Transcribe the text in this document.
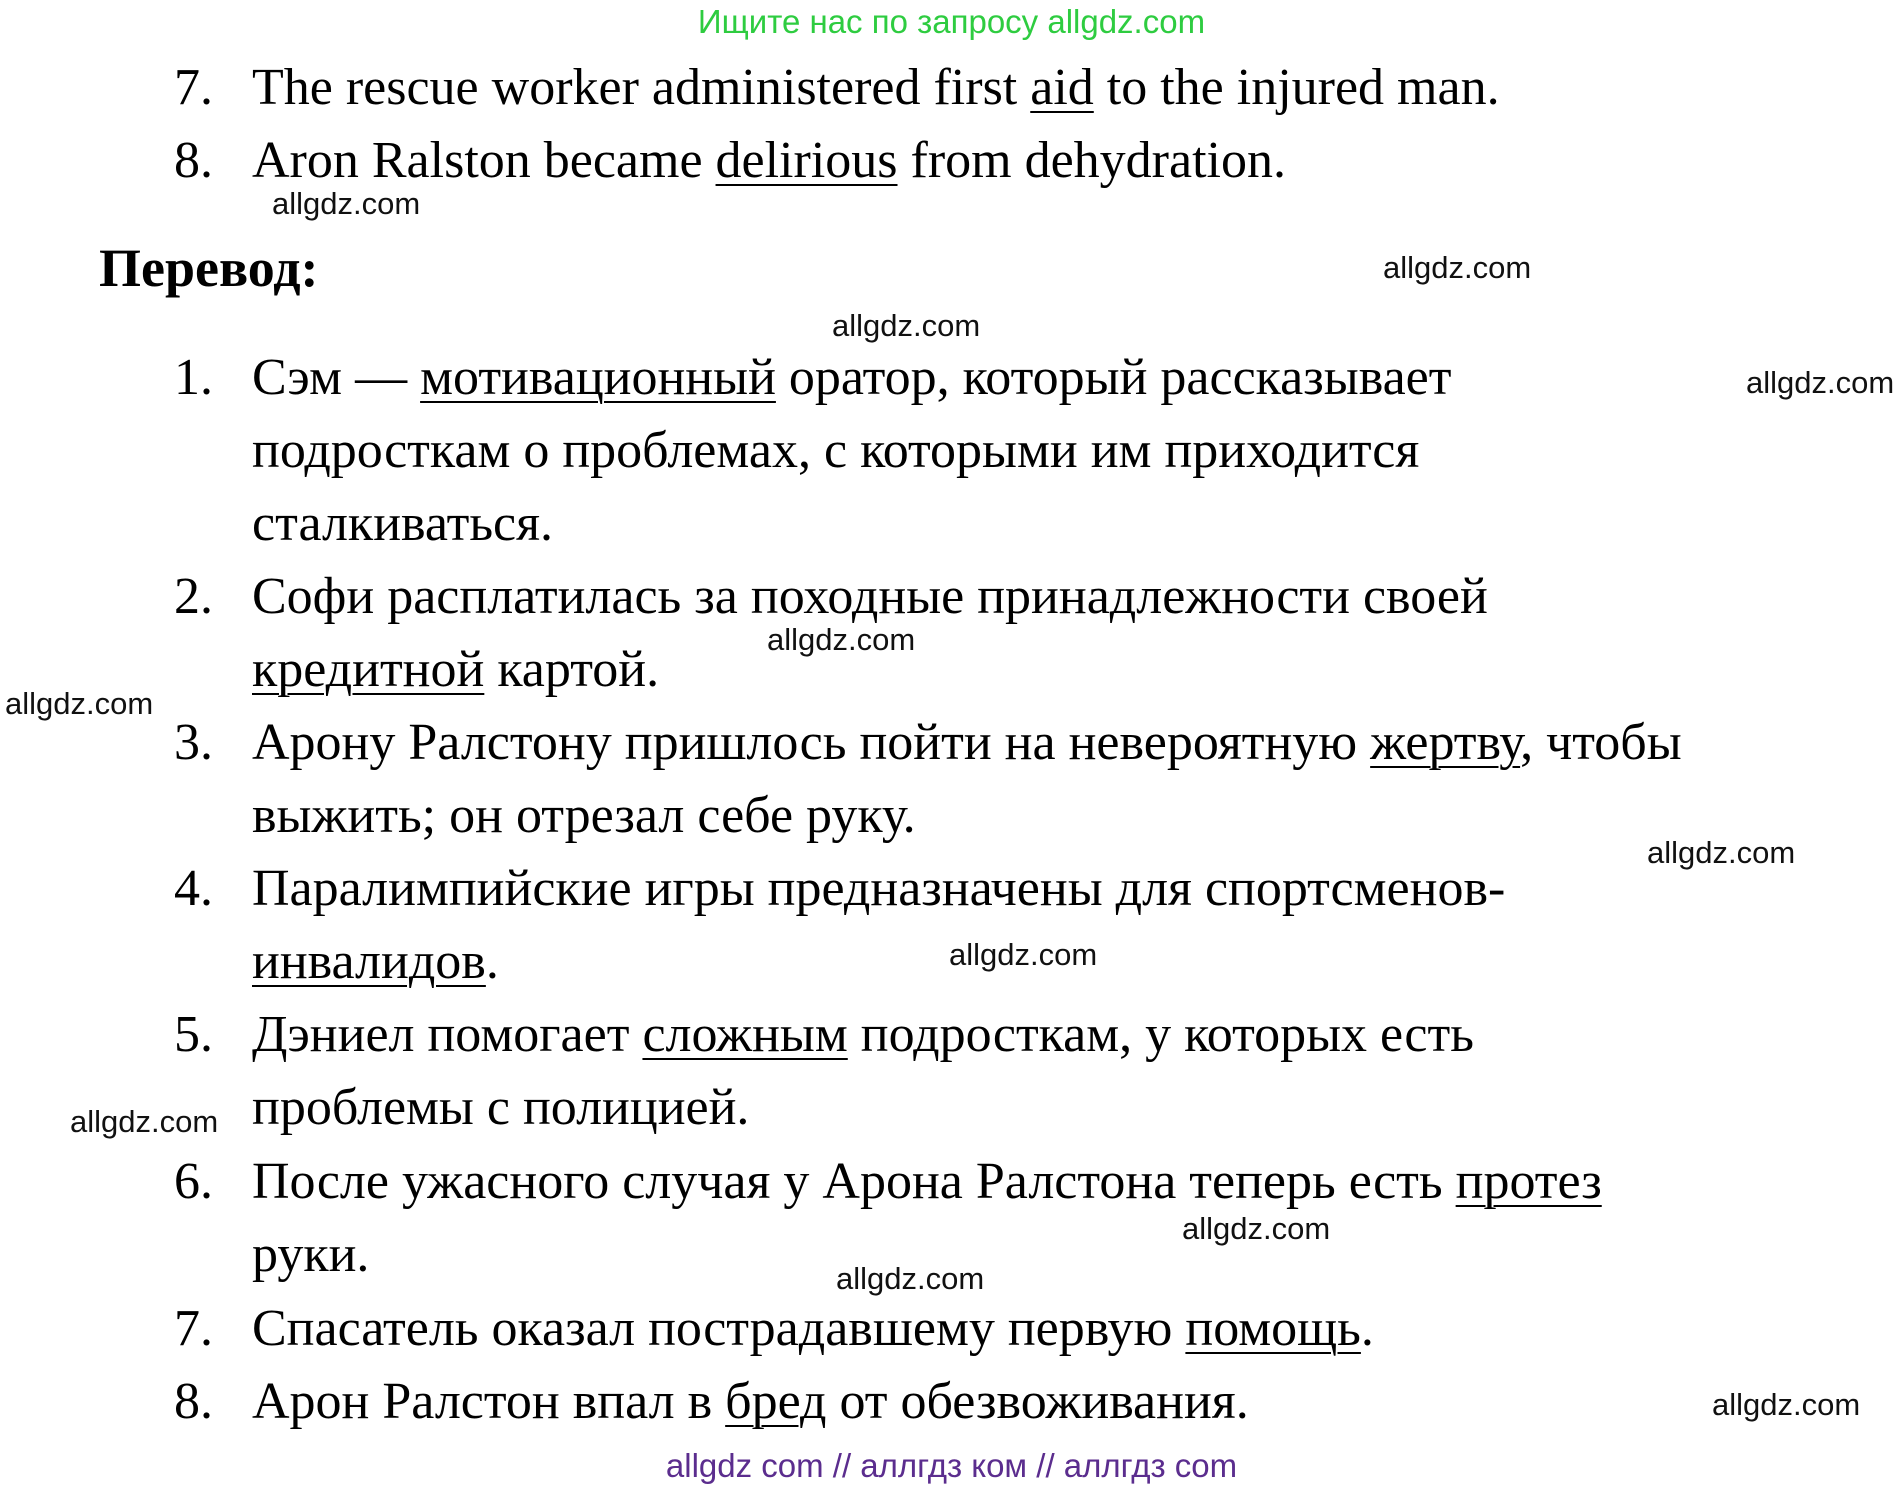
Ищите нас по запросу allgdz.com
7. The rescue worker administered first aid to the injured man.
8. Aron Ralston became delirious from dehydration.
Перевод:
1. Сэм — мотивационный оратор, который рассказывает
подросткам о проблемах, с которыми им приходится
сталкиваться.
2. Софи расплатилась за походные принадлежности своей
кредитной картой.
3. Арону Ралстону пришлось пойти на невероятную жертву, чтобы
выжить; он отрезал себе руку.
4. Паралимпийские игры предназначены для спортсменов-
инвалидов.
5. Дэниел помогает сложным подросткам, у которых есть
проблемы с полицией.
6. После ужасного случая у Арона Ралстона теперь есть протез
руки.
7. Спасатель оказал пострадавшему первую помощь.
8. Арон Ралстон впал в бред от обезвоживания.
allgdz.com
allgdz.com
allgdz.com
allgdz.com
allgdz.com
allgdz.com
allgdz.com
allgdz.com
allgdz.com
allgdz.com
allgdz.com
allgdz.com
allgdz com // аллгдз ком // аллгдз com
